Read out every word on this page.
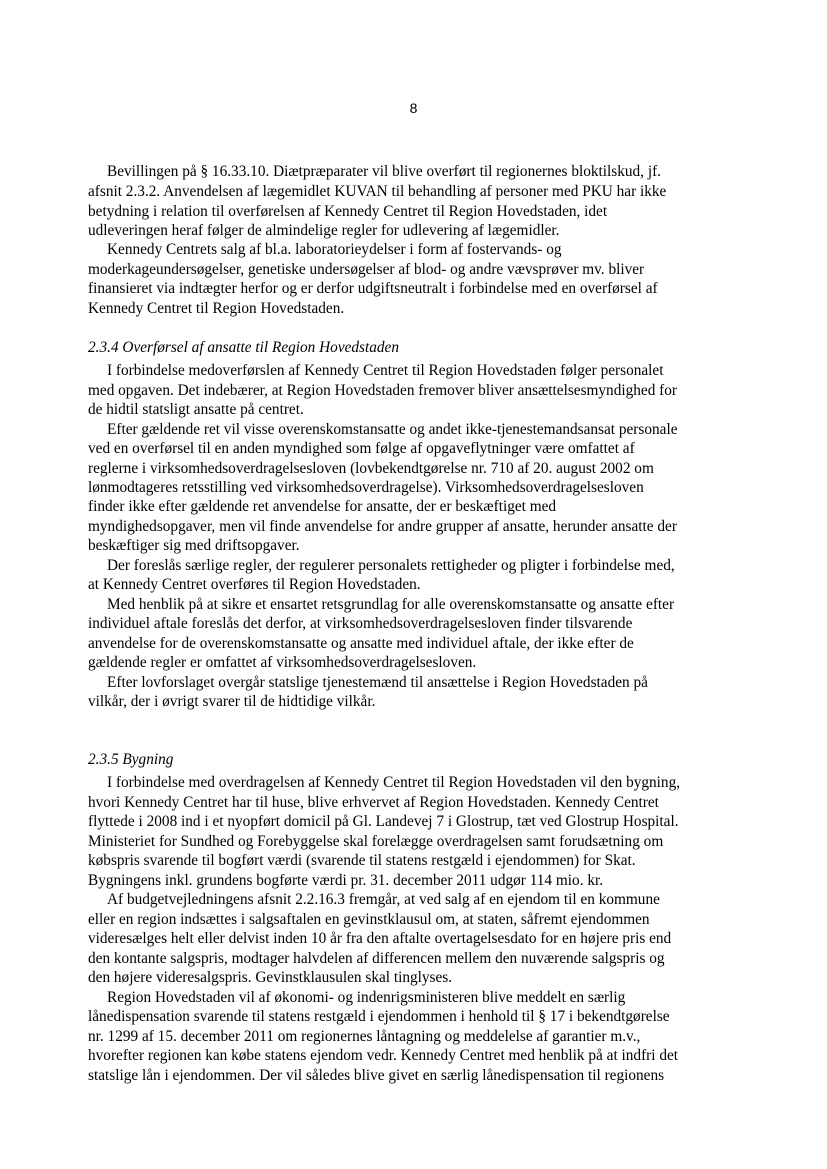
8
Bevillingen på § 16.33.10. Diætpræparater vil blive overført til regionernes bloktilskud, jf.
afsnit 2.3.2. Anvendelsen af lægemidlet KUVAN til behandling af personer med PKU har ikke
betydning i relation til overførelsen af Kennedy Centret til Region Hovedstaden, idet
udleveringen heraf følger de almindelige regler for udlevering af lægemidler.
Kennedy Centrets salg af bl.a. laboratorieydelser i form af fostervands- og
moderkageundersøgelser, genetiske undersøgelser af blod- og andre vævsprøver mv. bliver
finansieret via indtægter herfor og er derfor udgiftsneutralt i forbindelse med en overførsel af
Kennedy Centret til Region Hovedstaden.
2.3.4 Overførsel af ansatte til Region Hovedstaden
I forbindelse medoverførslen af Kennedy Centret til Region Hovedstaden følger personalet
med opgaven. Det indebærer, at Region Hovedstaden fremover bliver ansættelsesmyndighed for
de hidtil statsligt ansatte på centret.
Efter gældende ret vil visse overenskomstansatte og andet ikke-tjenestemandsansat personale
ved en overførsel til en anden myndighed som følge af opgaveflytninger være omfattet af
reglerne i virksomhedsoverdragelsesloven (lovbekendtgørelse nr. 710 af 20. august 2002 om
lønmodtageres retsstilling ved virksomhedsoverdragelse). Virksomhedsoverdragelsesloven
finder ikke efter gældende ret anvendelse for ansatte, der er beskæftiget med
myndighedsopgaver, men vil finde anvendelse for andre grupper af ansatte, herunder ansatte der
beskæftiger sig med driftsopgaver.
Der foreslås særlige regler, der regulerer personalets rettigheder og pligter i forbindelse med,
at Kennedy Centret overføres til Region Hovedstaden.
Med henblik på at sikre et ensartet retsgrundlag for alle overenskomstansatte og ansatte efter
individuel aftale foreslås det derfor, at virksomhedsoverdragelsesloven finder tilsvarende
anvendelse for de overenskomstansatte og ansatte med individuel aftale, der ikke efter de
gældende regler er omfattet af virksomhedsoverdragelsesloven.
Efter lovforslaget overgår statslige tjenestemænd til ansættelse i Region Hovedstaden på
vilkår, der i øvrigt svarer til de hidtidige vilkår.
2.3.5 Bygning
I forbindelse med overdragelsen af Kennedy Centret til Region Hovedstaden vil den bygning,
hvori Kennedy Centret har til huse, blive erhvervet af Region Hovedstaden. Kennedy Centret
flyttede i 2008 ind i et nyopført domicil på Gl. Landevej 7 i Glostrup, tæt ved Glostrup Hospital.
Ministeriet for Sundhed og Forebyggelse skal forelægge overdragelsen samt forudsætning om
købspris svarende til bogført værdi (svarende til statens restgæld i ejendommen) for Skat.
Bygningens inkl. grundens bogførte værdi pr. 31. december 2011 udgør 114 mio. kr.
Af budgetvejledningens afsnit 2.2.16.3 fremgår, at ved salg af en ejendom til en kommune
eller en region indsættes i salgsaftalen en gevinstklausul om, at staten, såfremt ejendommen
videresælges helt eller delvist inden 10 år fra den aftalte overtagelsesdato for en højere pris end
den kontante salgspris, modtager halvdelen af differencen mellem den nuværende salgspris og
den højere videresalgspris. Gevinstklausulen skal tinglyses.
Region Hovedstaden vil af økonomi- og indenrigsministeren blive meddelt en særlig
lånedispensation svarende til statens restgæld i ejendommen i henhold til § 17 i bekendtgørelse
nr. 1299 af 15. december 2011 om regionernes låntagning og meddelelse af garantier m.v.,
hvorefter regionen kan købe statens ejendom vedr. Kennedy Centret med henblik på at indfri det
statslige lån i ejendommen. Der vil således blive givet en særlig lånedispensation til regionens
